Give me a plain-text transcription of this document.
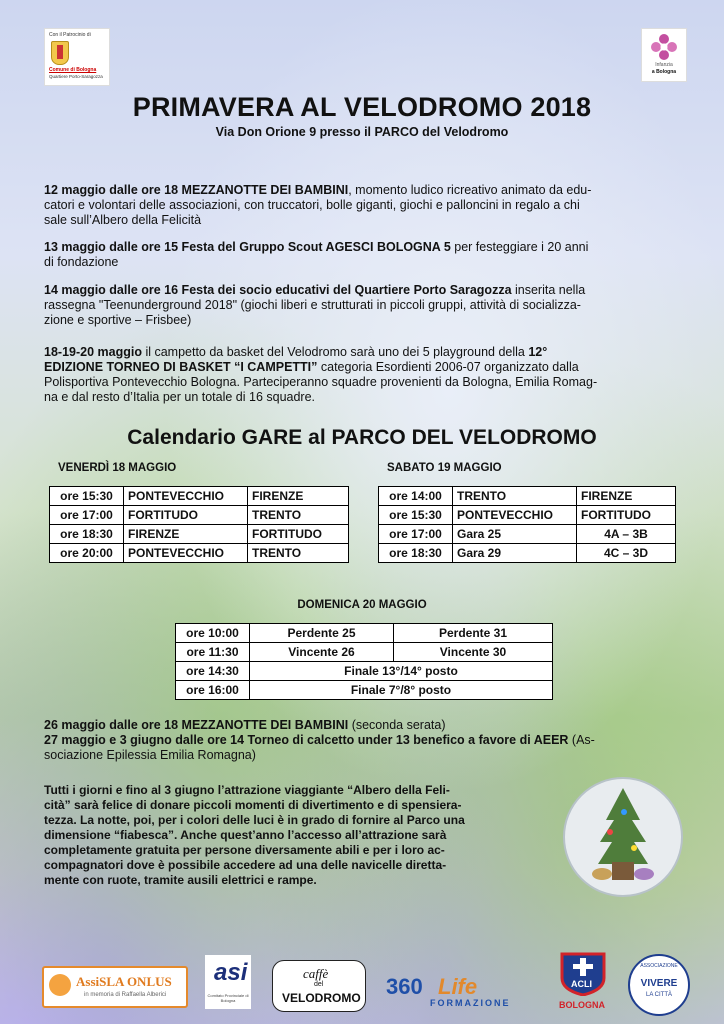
Con il Patrocinio di
Comune di Bologna
Quartiere Porto-Saragozza
Infanzia
a Bologna
PRIMAVERA AL VELODROMO 2018
Via Don Orione 9 presso il PARCO del Velodromo
12 maggio dalle ore 18 MEZZANOTTE DEI BAMBINI, momento ludico ricreativo animato da edu-
catori e volontari delle associazioni, con truccatori, bolle giganti, giochi e palloncini in regalo a chi
sale sull’Albero della Felicità
13 maggio dalle ore 15 Festa del Gruppo Scout AGESCI BOLOGNA 5 per festeggiare i 20 anni
di fondazione
14 maggio dalle ore 16 Festa dei socio educativi del Quartiere Porto Saragozza inserita nella
rassegna "Teenunderground 2018" (giochi liberi e strutturati in piccoli gruppi, attività di socializza-
zione e sportive – Frisbee)
18-19-20 maggio il campetto da basket del Velodromo sarà uno dei 5 playground della 12°
EDIZIONE TORNEO DI BASKET “I CAMPETTI” categoria Esordienti 2006-07 organizzato dalla
Polisportiva Pontevecchio Bologna. Parteciperanno squadre provenienti da Bologna, Emilia Romag-
na e dal resto d’Italia per un totale di 16 squadre.
Calendario GARE al PARCO DEL VELODROMO
VENERDÌ 18 MAGGIO	SABATO 19 MAGGIO
ore 15:30	PONTEVECCHIO	FIRENZE
ore 17:00	FORTITUDO	TRENTO
ore 18:30	FIRENZE	FORTITUDO
ore 20:00	PONTEVECCHIO	TRENTO
ore 14:00	TRENTO	FIRENZE
ore 15:30	PONTEVECCHIO	FORTITUDO
ore 17:00	Gara 25	4A – 3B
ore 18:30	Gara 29	4C – 3D
DOMENICA 20 MAGGIO
ore 10:00	Perdente 25	Perdente 31
ore 11:30	Vincente 26	Vincente 30
ore 14:30	Finale 13°/14° posto	
ore 16:00	Finale 7°/8° posto	
26 maggio dalle ore 18 MEZZANOTTE DEI BAMBINI (seconda serata)
27 maggio e 3 giugno dalle ore 14 Torneo di calcetto under 13 benefico a favore di AEER (As-
sociazione Epilessia Emilia Romagna)
Tutti i giorni e fino al 3 giugno l’attrazione viaggiante “Albero della Feli-
cità” sarà felice di donare piccoli momenti di divertimento e di spensiera-
tezza. La notte, poi, per i colori delle luci è in grado di fornire al Parco una
dimensione “fiabesca”. Anche quest’anno l’accesso all’attrazione sarà
completamente gratuita per persone diversamente abili e per i loro ac-
compagnatori dove è possibile accedere ad una delle navicelle diretta-
mente con ruote, tramite ausili elettrici e rampe.
AssiSLA ONLUS
in memoria di Raffaella Alberici
asi
Comitato Provinciale di Bologna
caffè
del
VELODROMO 360 Life
FORMAZIONE
ACLI
BOLOGNA
ASSOCIAZIONE
VIVERE
LA CITTÀ
